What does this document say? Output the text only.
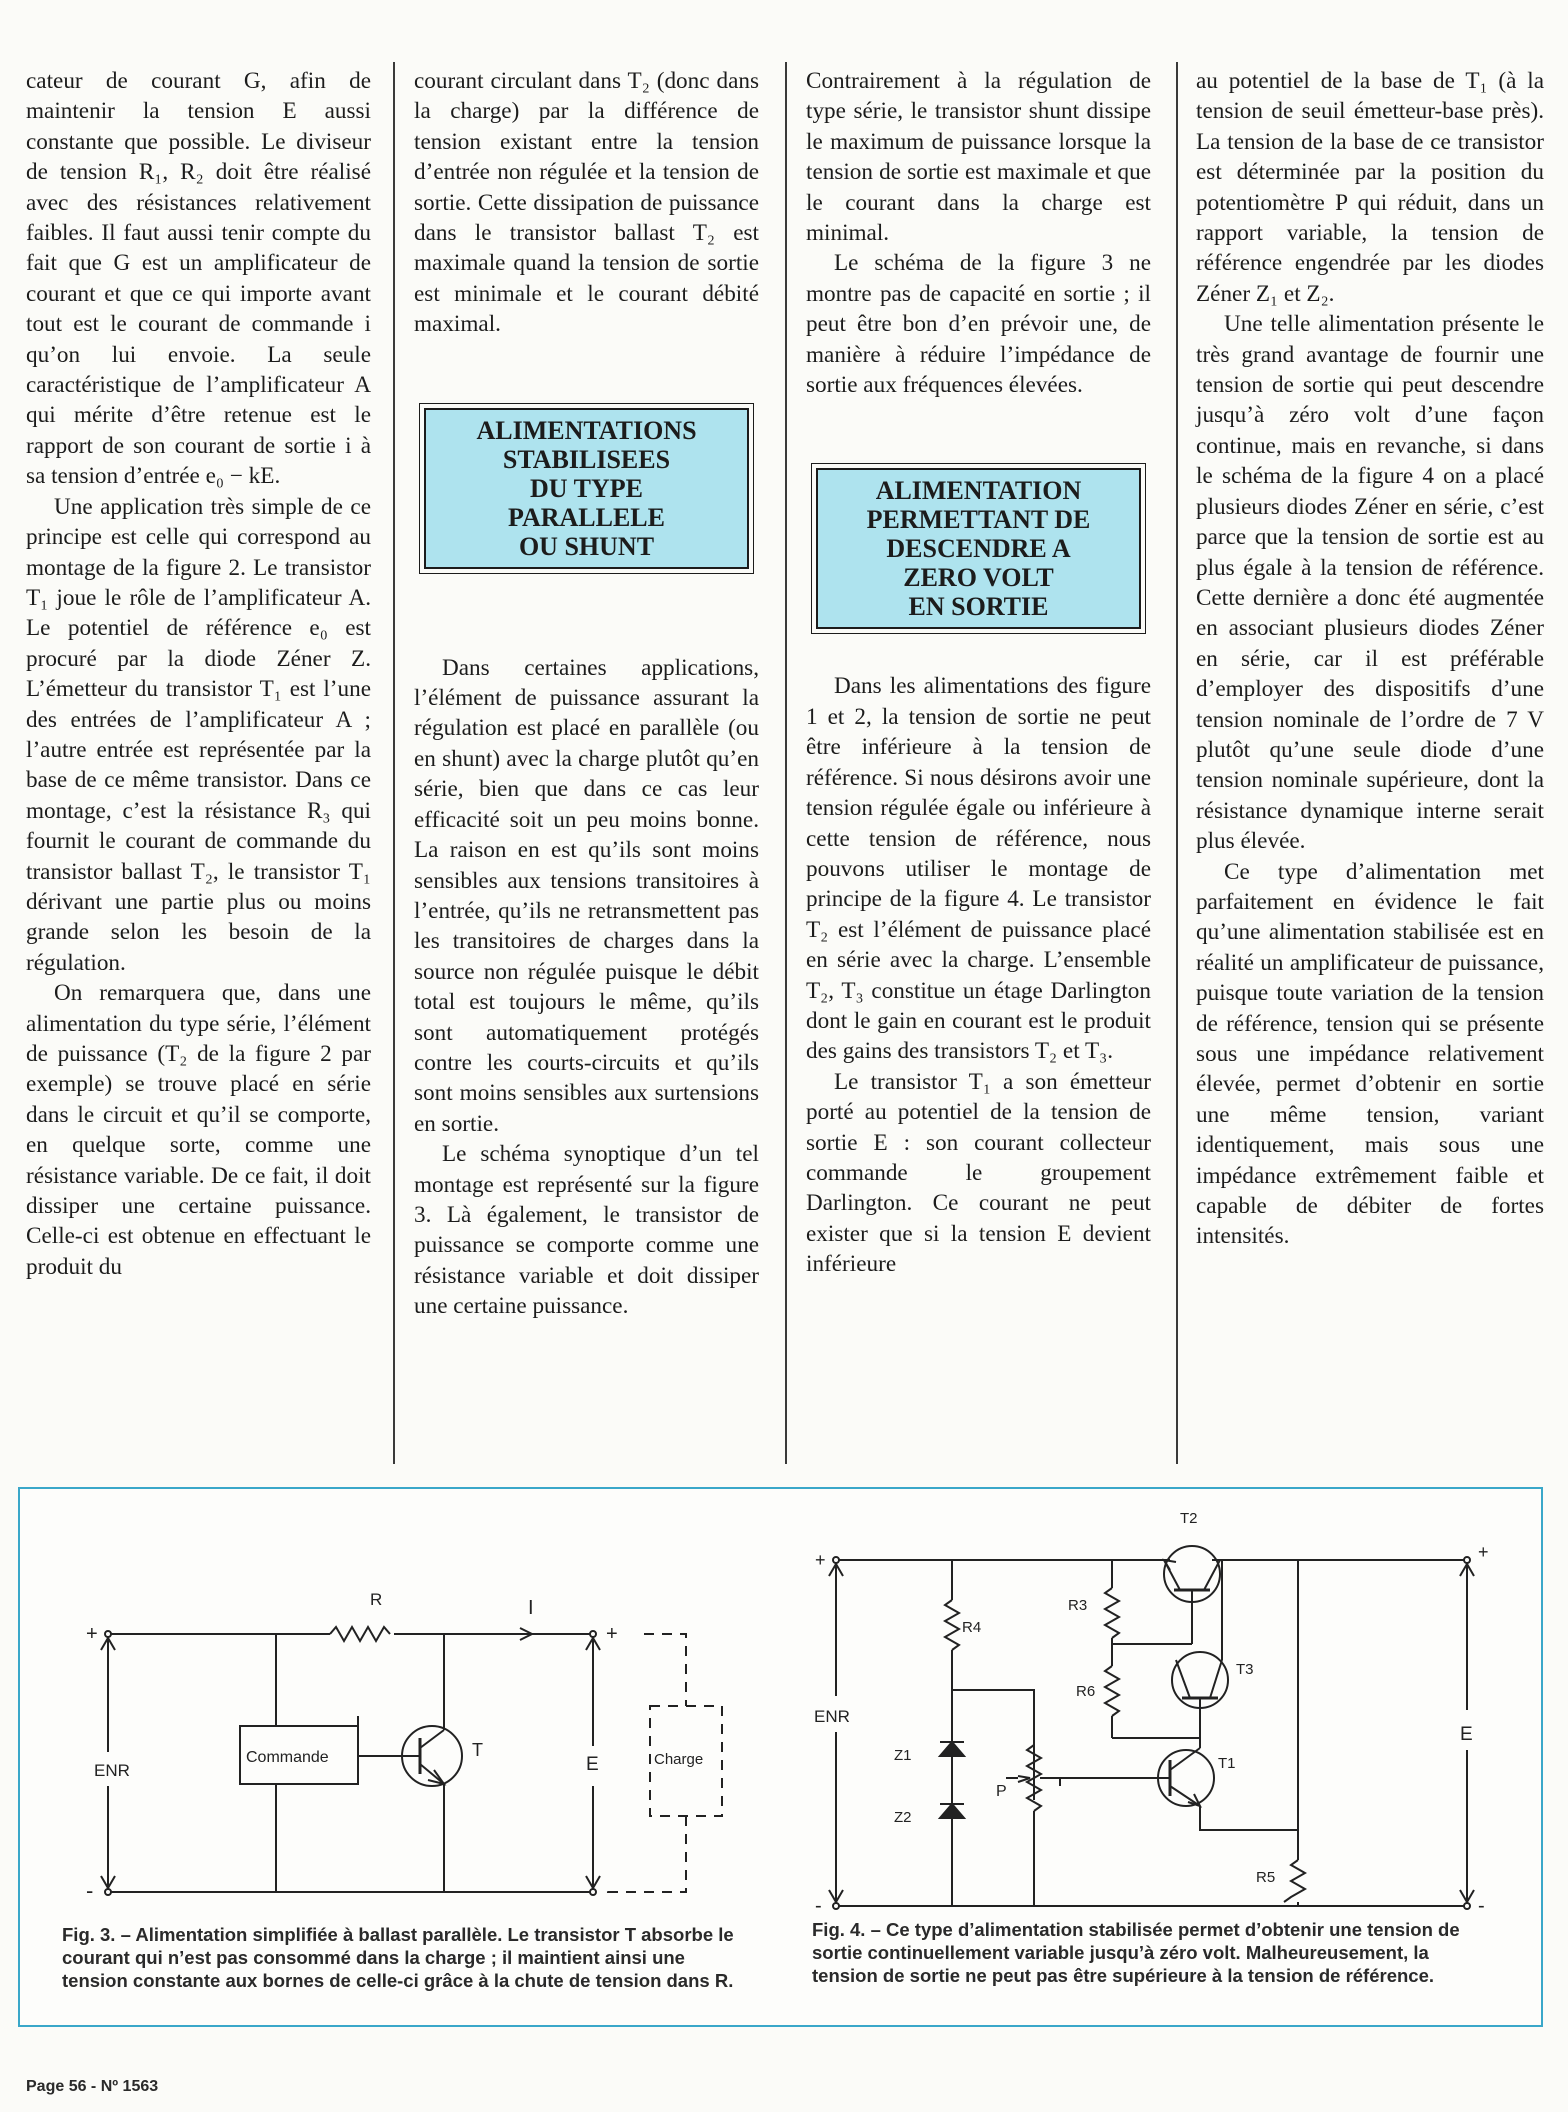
cateur de courant G, afin de maintenir la tension E aussi constante que possible. Le diviseur de tension R₁, R₂ doit être réalisé avec des résistances relativement faibles. Il faut aussi tenir compte du fait que G est un amplificateur de courant et que ce qui importe avant tout est le courant de commande i qu’on lui envoie. La seule caractéristique de l’amplificateur A qui mérite d’être retenue est le rapport de son courant de sortie i à sa tension d’entrée e₀ − kE.

Une application très simple de ce principe est celle qui correspond au montage de la figure 2. Le transistor T₁ joue le rôle de l’amplificateur A. Le potentiel de référence e₀ est procuré par la diode Zéner Z. L’émetteur du transistor T₁ est l’une des entrées de l’amplificateur A ; l’autre entrée est représentée par la base de ce même transistor. Dans ce montage, c’est la résistance R₃ qui fournit le courant de commande du transistor ballast T₂, le transistor T₁ dérivant une partie plus ou moins grande selon les besoin de la régulation.

On remarquera que, dans une alimentation du type série, l’élément de puissance (T₂ de la figure 2 par exemple) se trouve placé en série dans le circuit et qu’il se comporte, en quelque sorte, comme une résistance variable. De ce fait, il doit dissiper une certaine puissance. Celle-ci est obtenue en effectuant le produit du

courant circulant dans T₂ (donc dans la charge) par la différence de tension existant entre la tension d’entrée non régulée et la tension de sortie. Cette dissipation de puissance dans le transistor ballast T₂ est maximale quand la tension de sortie est minimale et le courant débité maximal.

ALIMENTATIONS
STABILISEES
DU TYPE
PARALLELE
OU SHUNT

Dans certaines applications, l’élément de puissance assurant la régulation est placé en parallèle (ou en shunt) avec la charge plutôt qu’en série, bien que dans ce cas leur efficacité soit un peu moins bonne. La raison en est qu’ils sont moins sensibles aux tensions transitoires à l’entrée, qu’ils ne retransmettent pas les transitoires de charges dans la source non régulée puisque le débit total est toujours le même, qu’ils sont automatiquement protégés contre les courts-circuits et qu’ils sont moins sensibles aux surtensions en sortie.

Le schéma synoptique d’un tel montage est représenté sur la figure 3. Là également, le transistor de puissance se comporte comme une résistance variable et doit dissiper une certaine puissance.

Contrairement à la régulation de type série, le transistor shunt dissipe le maximum de puissance lorsque la tension de sortie est maximale et que le courant dans la charge est minimal.

Le schéma de la figure 3 ne montre pas de capacité en sortie ; il peut être bon d’en prévoir une, de manière à réduire l’impédance de sortie aux fréquences élevées.

ALIMENTATION
PERMETTANT DE
DESCENDRE A
ZERO VOLT
EN SORTIE

Dans les alimentations des figure 1 et 2, la tension de sortie ne peut être inférieure à la tension de référence. Si nous désirons avoir une tension régulée égale ou inférieure à cette tension de référence, nous pouvons utiliser le montage de principe de la figure 4. Le transistor T₂ est l’élément de puissance placé en série avec la charge. L’ensemble T₂, T₃ constitue un étage Darlington dont le gain en courant est le produit des gains des transistors T₂ et T₃.

Le transistor T₁ a son émetteur porté au potentiel de la tension de sortie E : son courant collecteur commande le groupement Darlington. Ce courant ne peut exister que si la tension E devient inférieure

au potentiel de la base de T₁ (à la tension de seuil émetteur-base près). La tension de la base de ce transistor est déterminée par la position du potentiomètre P qui réduit, dans un rapport variable, la tension de référence engendrée par les diodes Zéner Z₁ et Z₂.

Une telle alimentation présente le très grand avantage de fournir une tension de sortie qui peut descendre jusqu’à zéro volt d’une façon continue, mais en revanche, si dans le schéma de la figure 4 on a placé plusieurs diodes Zéner en série, c’est parce que la tension de sortie est au plus égale à la tension de référence. Cette dernière a donc été augmentée en associant plusieurs diodes Zéner en série, car il est préférable d’employer des dispositifs d’une tension nominale de l’ordre de 7 V plutôt qu’une seule diode d’une tension nominale supérieure, dont la résistance dynamique interne serait plus élevée.

Ce type d’alimentation met parfaitement en évidence le fait qu’une alimentation stabilisée est en réalité un amplificateur de puissance, puisque toute variation de la tension de référence, tension qui se présente sous une impédance relativement élevée, permet d’obtenir en sortie une même tension, variant identiquement, mais sous une impédance extrêmement faible et capable de débiter de fortes intensités.

+
-
ENR
R	I
+
-
E
Commande	T	Charge
+
-
ENR
+
-
E
R4
Z1
Z2
P
R3
R6
T2
T3
T1
R5
Fig. 3. – Alimentation simplifiée à ballast parallèle. Le transistor T absorbe le courant qui n’est pas consommé dans la charge ; il maintient ainsi une tension constante aux bornes de celle-ci grâce à la chute de tension dans R.
Fig. 4. – Ce type d’alimentation stabilisée permet d’obtenir une tension de sortie continuellement variable jusqu’à zéro volt. Malheureusement, la tension de sortie ne peut pas être supérieure à la tension de référence.
Page 56 - Nº 1563
